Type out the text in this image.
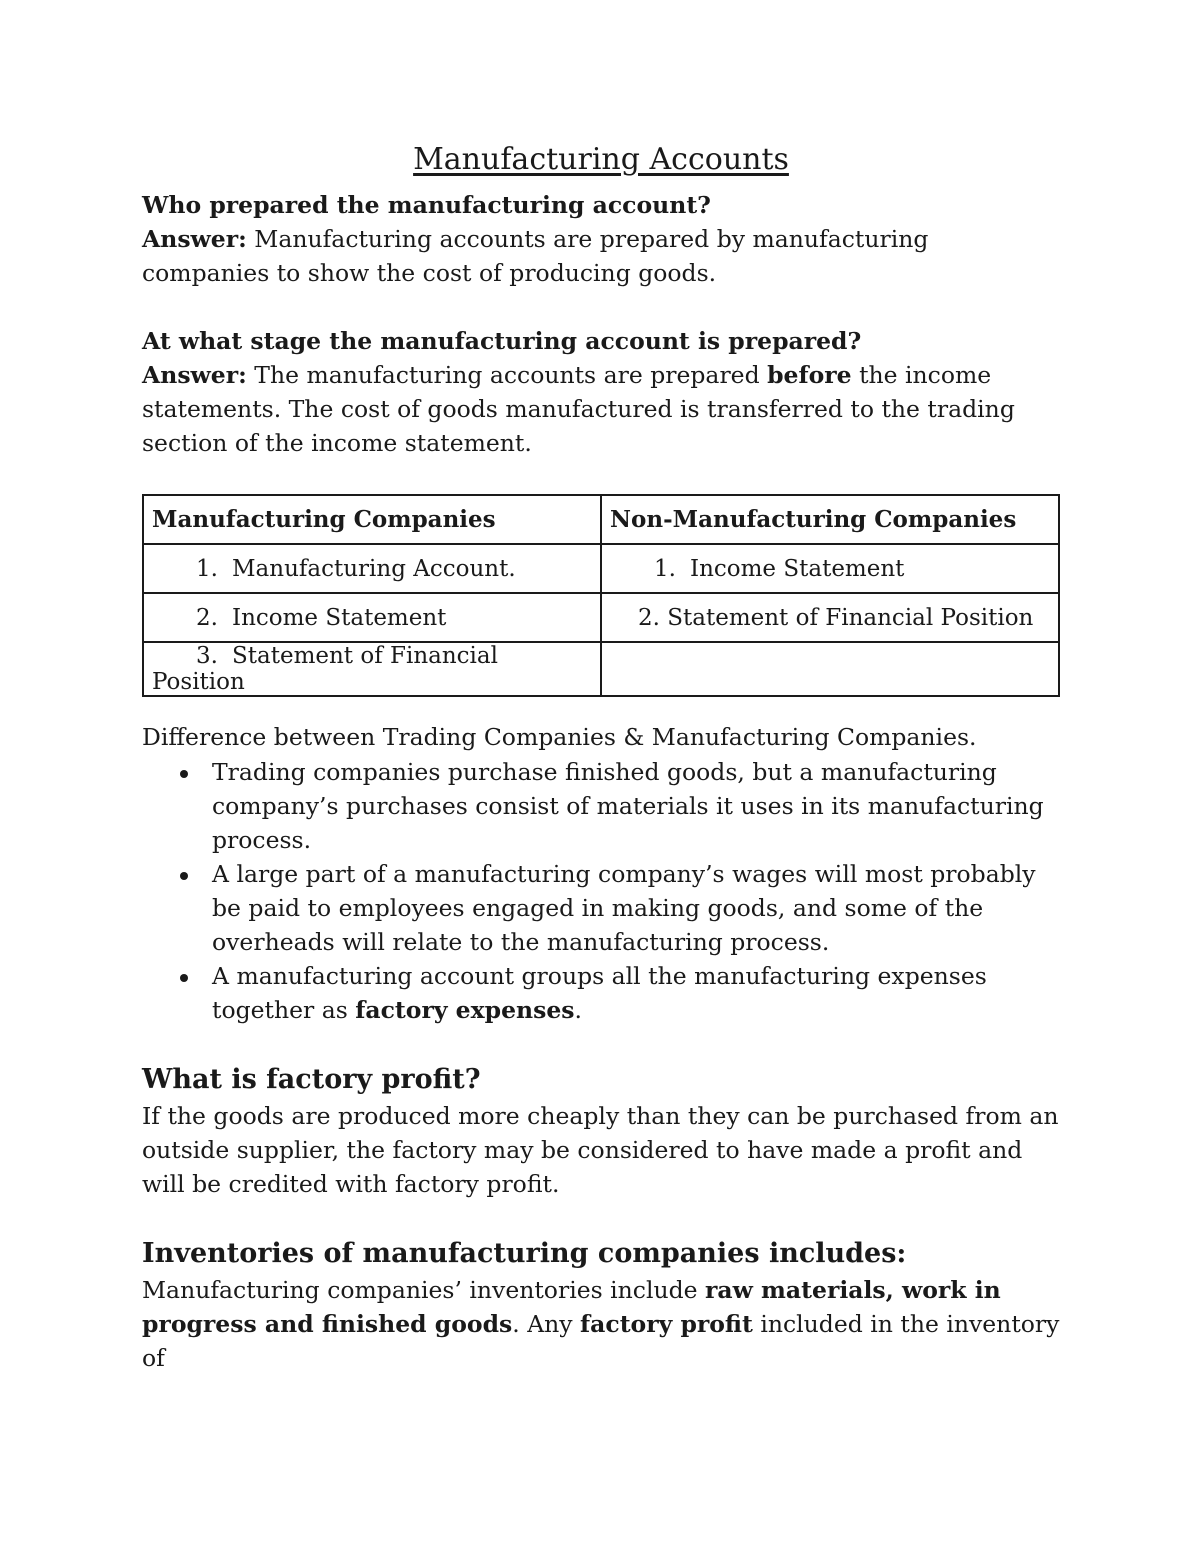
Manufacturing Accounts

Who prepared the manufacturing account?

Answer: Manufacturing accounts are prepared by manufacturing companies to show the cost of producing goods.

At what stage the manufacturing account is prepared?

Answer: The manufacturing accounts are prepared before the income statements. The cost of goods manufactured is transferred to the trading section of the income statement.

Manufacturing Companies	Non-Manufacturing Companies
1. Manufacturing Account.	1. Income Statement
2. Income Statement	2. Statement of Financial Position
3. Statement of Financial Position	

Difference between Trading Companies & Manufacturing Companies.

Trading companies purchase finished goods, but a manufacturing company’s purchases consist of materials it uses in its manufacturing process.
A large part of a manufacturing company’s wages will most probably be paid to employees engaged in making goods, and some of the overheads will relate to the manufacturing process.
A manufacturing account groups all the manufacturing expenses together as factory expenses.

What is factory profit?

If the goods are produced more cheaply than they can be purchased from an outside supplier, the factory may be considered to have made a profit and will be credited with factory profit.

Inventories of manufacturing companies includes:

Manufacturing companies’ inventories include raw materials, work in progress and finished goods. Any factory profit included in the inventory of
